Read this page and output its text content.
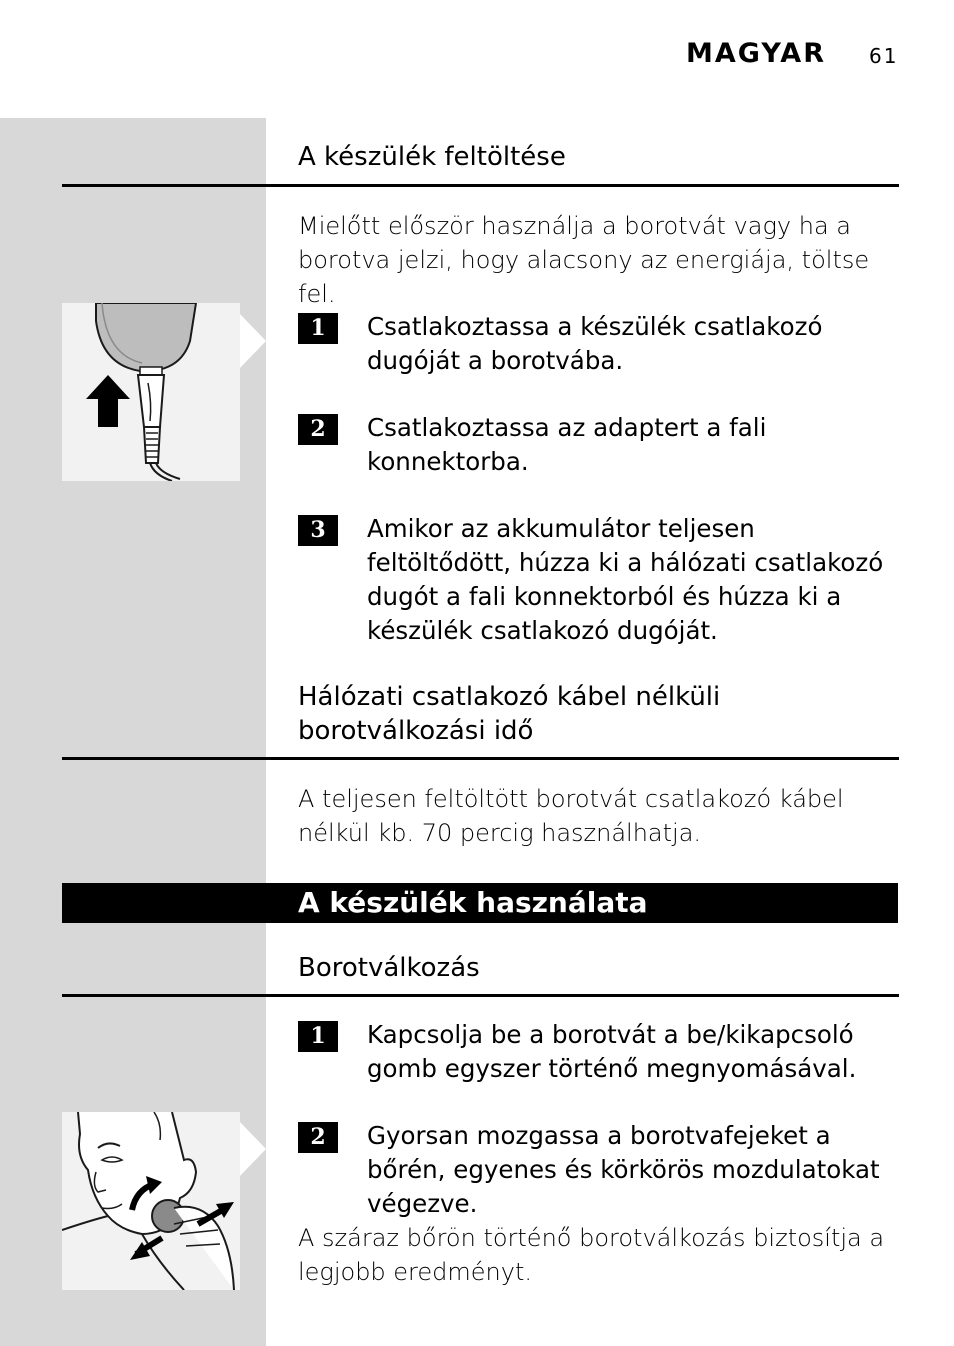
MAGYAR 61
A készülék feltöltése
Mielőtt először használja a borotvát vagy ha a borotva jelzi, hogy alacsony az energiája, töltse fel.
1	Csatlakoztassa a készülék csatlakozó dugóját a borotvába.
2	Csatlakoztassa az adaptert a fali konnektorba.
3	Amikor az akkumulátor teljesen feltöltődött, húzza ki a hálózati csatlakozó dugót a fali konnektorból és húzza ki a készülék csatlakozó dugóját.
Hálózati csatlakozó kábel nélküli borotválkozási idő
A teljesen feltöltött borotvát csatlakozó kábel nélkül kb. 70 percig használhatja.
A készülék használata
Borotválkozás
1	Kapcsolja be a borotvát a be/kikapcsoló gomb egyszer történő megnyomásával.
2	Gyorsan mozgassa a borotvafejeket a bőrén, egyenes és körkörös mozdulatokat végezve.
A száraz bőrön történő borotválkozás biztosítja a legjobb eredményt.
